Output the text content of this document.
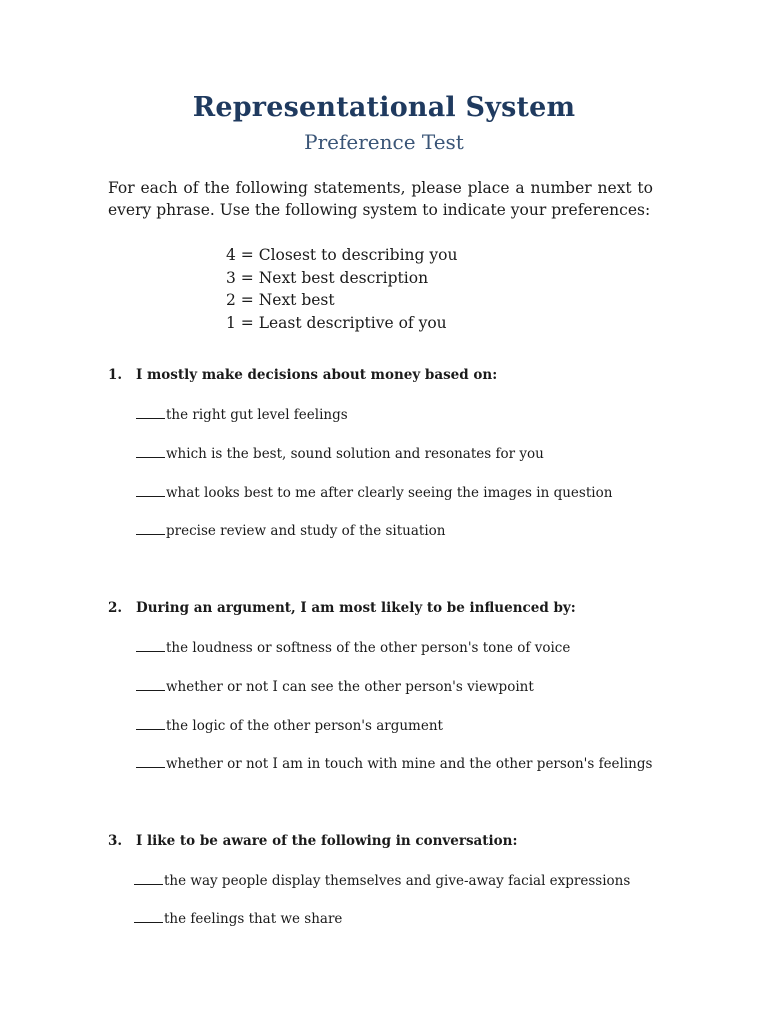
Representational System
Preference Test
For each of the following statements, please place a number next to every phrase. Use the following system to indicate your preferences:
4 = Closest to describing you
3 = Next best description
2 = Next best
1 = Least descriptive of you
1. I mostly make decisions about money based on:
the right gut level feelings
which is the best, sound solution and resonates for you
what looks best to me after clearly seeing the images in question
precise review and study of the situation
2. During an argument, I am most likely to be influenced by:
the loudness or softness of the other person's tone of voice
whether or not I can see the other person's viewpoint
the logic of the other person's argument
whether or not I am in touch with mine and the other person's feelings
3. I like to be aware of the following in conversation:
the way people display themselves and give-away facial expressions
the feelings that we share
